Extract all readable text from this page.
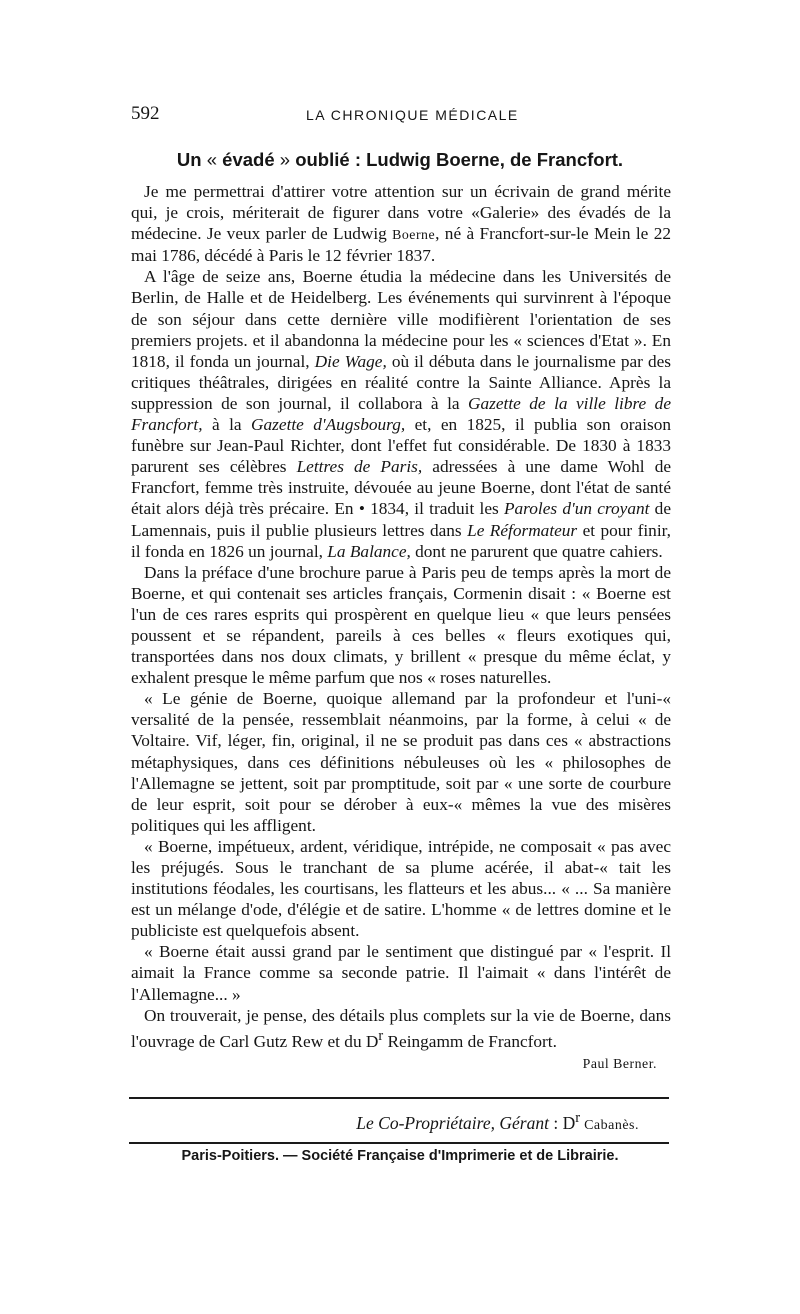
592	LA CHRONIQUE MÉDICALE
Un « évadé » oublié : Ludwig Boerne, de Francfort.

Je me permettrai d'attirer votre attention sur un écrivain de grand mérite qui, je crois, mériterait de figurer dans votre «Galerie» des évadés de la médecine. Je veux parler de Ludwig Boerne, né à Francfort-sur-le Mein le 22 mai 1786, décédé à Paris le 12 février 1837.

A l'âge de seize ans, Boerne étudia la médecine dans les Universités de Berlin, de Halle et de Heidelberg. Les événements qui survinrent à l'époque de son séjour dans cette dernière ville modifièrent l'orientation de ses premiers projets. et il abandonna la médecine pour les « sciences d'Etat ». En 1818, il fonda un journal, Die Wage, où il débuta dans le journalisme par des critiques théâtrales, dirigées en réalité contre la Sainte Alliance. Après la suppression de son journal, il collabora à la Gazette de la ville libre de Francfort, à la Gazette d'Augsbourg, et, en 1825, il publia son oraison funèbre sur Jean-Paul Richter, dont l'effet fut considérable. De 1830 à 1833 parurent ses célèbres Lettres de Paris, adressées à une dame Wohl de Francfort, femme très instruite, dévouée au jeune Boerne, dont l'état de santé était alors déjà très précaire. En • 1834, il traduit les Paroles d'un croyant de Lamennais, puis il publie plusieurs lettres dans Le Réformateur et pour finir, il fonda en 1826 un journal, La Balance, dont ne parurent que quatre cahiers.

Dans la préface d'une brochure parue à Paris peu de temps après la mort de Boerne, et qui contenait ses articles français, Cormenin disait : « Boerne est l'un de ces rares esprits qui prospèrent en quelque lieu « que leurs pensées poussent et se répandent, pareils à ces belles « fleurs exotiques qui, transportées dans nos doux climats, y brillent « presque du même éclat, y exhalent presque le même parfum que nos « roses naturelles.

« Le génie de Boerne, quoique allemand par la profondeur et l'uni-« versalité de la pensée, ressemblait néanmoins, par la forme, à celui « de Voltaire. Vif, léger, fin, original, il ne se produit pas dans ces « abstractions métaphysiques, dans ces définitions nébuleuses où les « philosophes de l'Allemagne se jettent, soit par promptitude, soit par « une sorte de courbure de leur esprit, soit pour se dérober à eux-« mêmes la vue des misères politiques qui les affligent.

« Boerne, impétueux, ardent, véridique, intrépide, ne composait « pas avec les préjugés. Sous le tranchant de sa plume acérée, il abat-« tait les institutions féodales, les courtisans, les flatteurs et les abus... « ... Sa manière est un mélange d'ode, d'élégie et de satire. L'homme « de lettres domine et le publiciste est quelquefois absent.

« Boerne était aussi grand par le sentiment que distingué par « l'esprit. Il aimait la France comme sa seconde patrie. Il l'aimait « dans l'intérêt de l'Allemagne... »

On trouverait, je pense, des détails plus complets sur la vie de Boerne, dans l'ouvrage de Carl Gutz Rew et du $D^r$ Reingamm de Francfort.

Paul Berner.

Le Co-Propriétaire, Gérant : $D^r$ Cabanès.
Paris-Poitiers. — Société Française d'Imprimerie et de Librairie.
